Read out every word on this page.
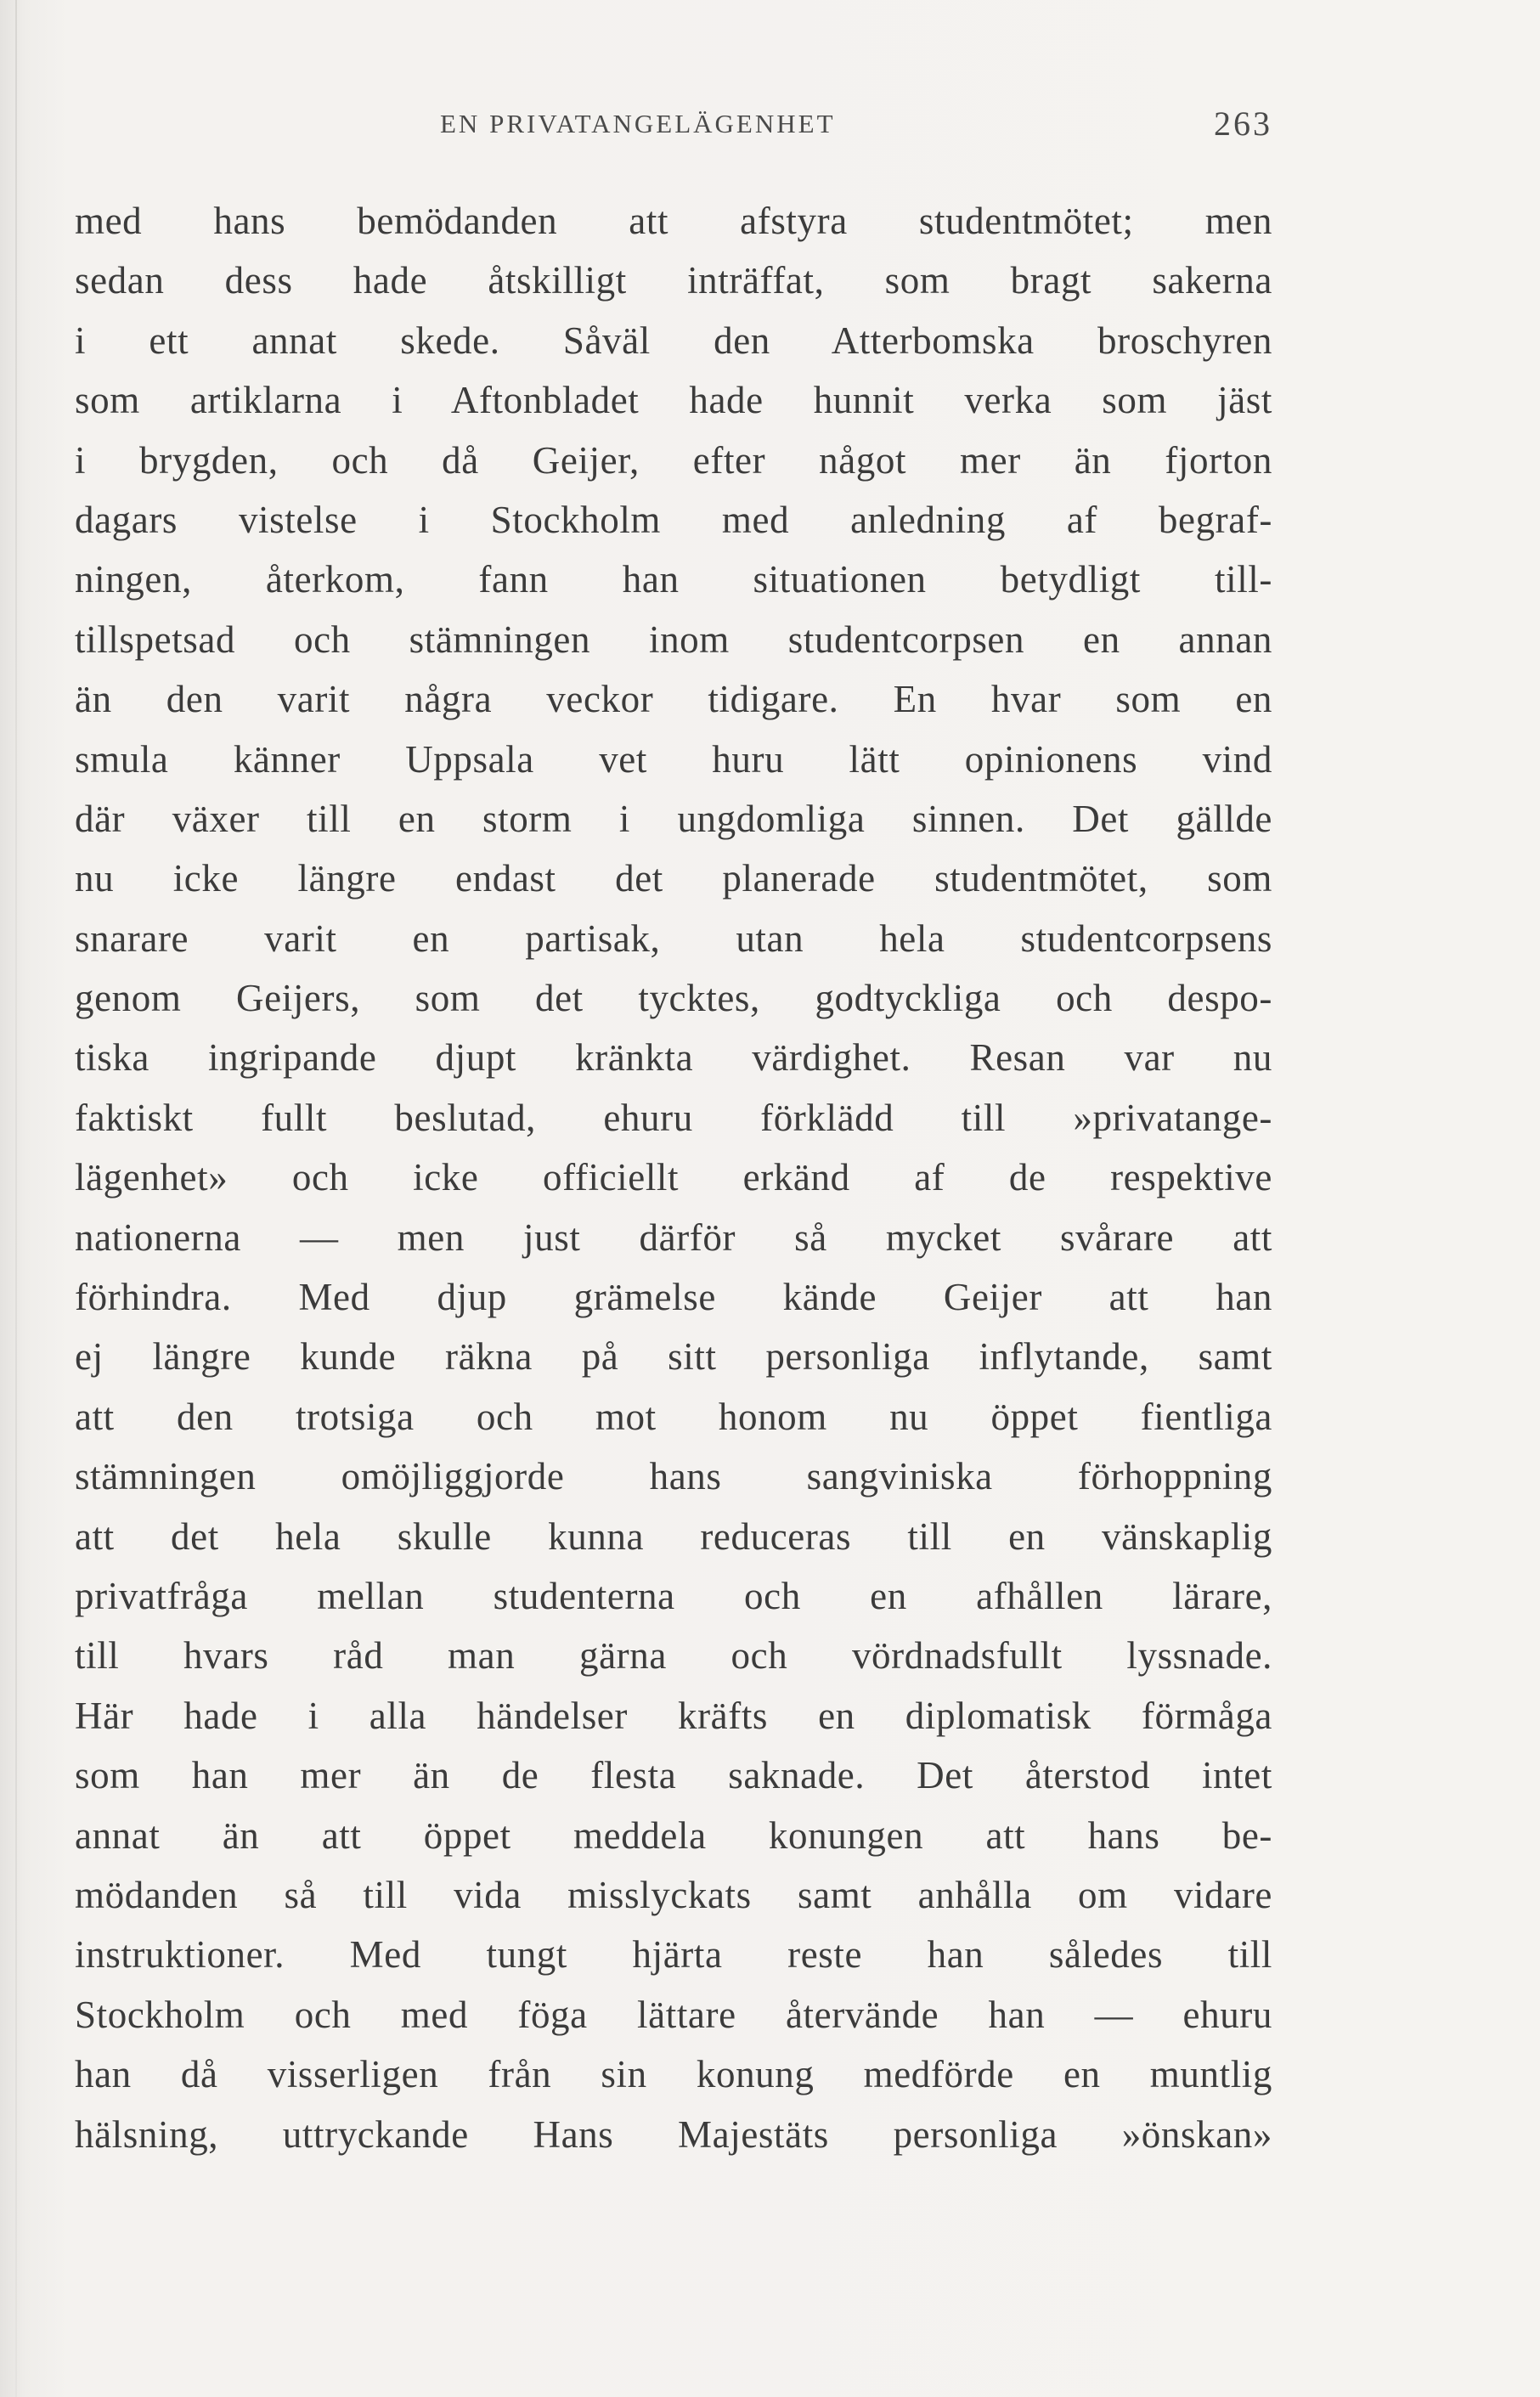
EN PRIVATANGELÄGENHET	263
med hans bemödanden att afstyra studentmötet; men
sedan dess hade åtskilligt inträffat, som bragt sakerna
i ett annat skede. Såväl den Atterbomska broschyren
som artiklarna i Aftonbladet hade hunnit verka som jäst
i brygden, och då Geijer, efter något mer än fjorton
dagars vistelse i Stockholm med anledning af begraf-
ningen, återkom, fann han situationen betydligt till-
tillspetsad och stämningen inom studentcorpsen en annan
än den varit några veckor tidigare. En hvar som en
smula känner Uppsala vet huru lätt opinionens vind
där växer till en storm i ungdomliga sinnen. Det gällde
nu icke längre endast det planerade studentmötet, som
snarare varit en partisak, utan hela studentcorpsens
genom Geijers, som det tycktes, godtyckliga och despo-
tiska ingripande djupt kränkta värdighet. Resan var nu
faktiskt fullt beslutad, ehuru förklädd till »privatange-
lägenhet» och icke officiellt erkänd af de respektive
nationerna — men just därför så mycket svårare att
förhindra. Med djup grämelse kände Geijer att han
ej längre kunde räkna på sitt personliga inflytande, samt
att den trotsiga och mot honom nu öppet fientliga
stämningen omöjliggjorde hans sangviniska förhoppning
att det hela skulle kunna reduceras till en vänskaplig
privatfråga mellan studenterna och en afhållen lärare,
till hvars råd man gärna och vördnadsfullt lyssnade.
Här hade i alla händelser kräfts en diplomatisk förmåga
som han mer än de flesta saknade. Det återstod intet
annat än att öppet meddela konungen att hans be-
mödanden så till vida misslyckats samt anhålla om vidare
instruktioner. Med tungt hjärta reste han således till
Stockholm och med föga lättare återvände han — ehuru
han då visserligen från sin konung medförde en muntlig
hälsning, uttryckande Hans Majestäts personliga »önskan»
